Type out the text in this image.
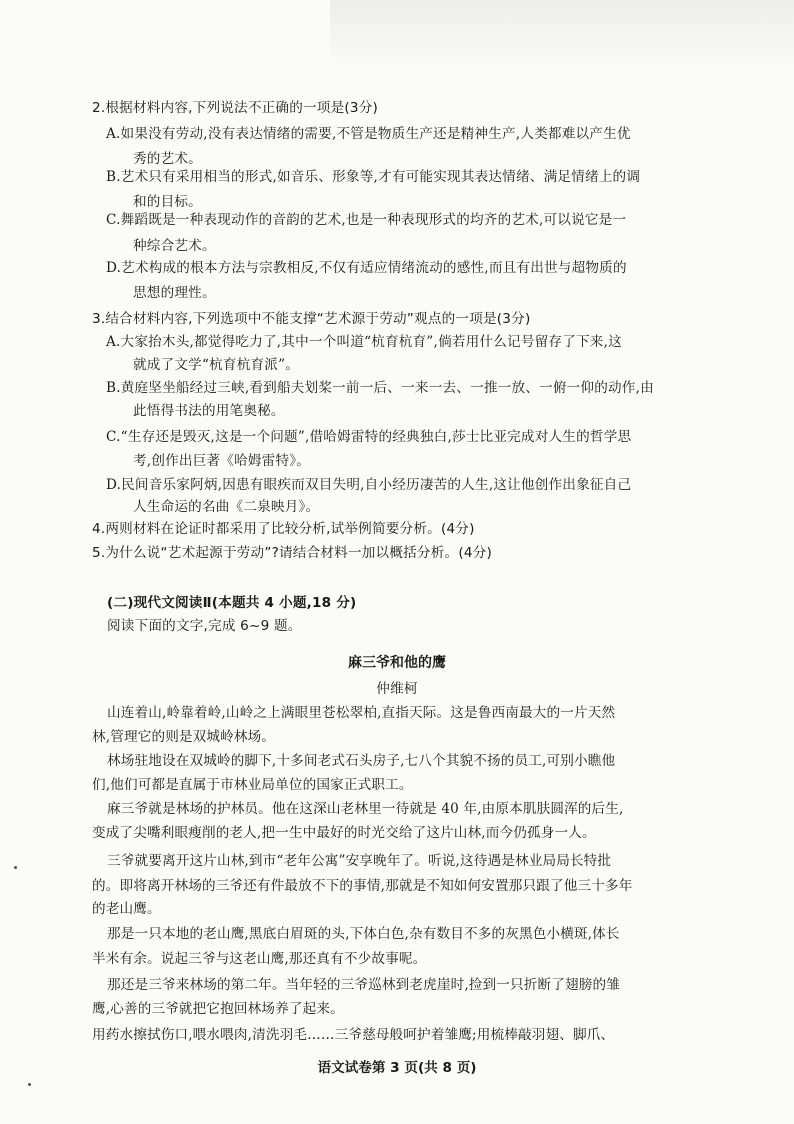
2.根据材料内容,下列说法不正确的一项是(3分)
A.如果没有劳动,没有表达情绪的需要,不管是物质生产还是精神生产,人类都难以产生优
秀的艺术。
B.艺术只有采用相当的形式,如音乐、形象等,才有可能实现其表达情绪、满足情绪上的调
和的目标。
C.舞蹈既是一种表现动作的音韵的艺术,也是一种表现形式的均齐的艺术,可以说它是一
种综合艺术。
D.艺术构成的根本方法与宗教相反,不仅有适应情绪流动的感性,而且有出世与超物质的
思想的理性。
3.结合材料内容,下列选项中不能支撑“艺术源于劳动”观点的一项是(3分)
A.大家抬木头,都觉得吃力了,其中一个叫道“杭育杭育”,倘若用什么记号留存了下来,这
就成了文学“杭育杭育派”。
B.黄庭坚坐船经过三峡,看到船夫划桨一前一后、一来一去、一推一放、一俯一仰的动作,由
此悟得书法的用笔奥秘。
C.“生存还是毁灭,这是一个问题”,借哈姆雷特的经典独白,莎士比亚完成对人生的哲学思
考,创作出巨著《哈姆雷特》。
D.民间音乐家阿炳,因患有眼疾而双目失明,自小经历凄苦的人生,这让他创作出象征自己
人生命运的名曲《二泉映月》。
4.两则材料在论证时都采用了比较分析,试举例简要分析。(4分)
5.为什么说“艺术起源于劳动”?请结合材料一加以概括分析。(4分)
(二)现代文阅读Ⅱ(本题共 4 小题,18 分)
阅读下面的文字,完成 6~9 题。
麻三爷和他的鹰
仲维柯
山连着山,岭靠着岭,山岭之上满眼里苍松翠柏,直指天际。这是鲁西南最大的一片天然
林,管理它的则是双城岭林场。
林场驻地设在双城岭的脚下,十多间老式石头房子,七八个其貌不扬的员工,可别小瞧他
们,他们可都是直属于市林业局单位的国家正式职工。
麻三爷就是林场的护林员。他在这深山老林里一待就是 40 年,由原本肌肤圆浑的后生,
变成了尖嘴利眼瘦削的老人,把一生中最好的时光交给了这片山林,而今仍孤身一人。
三爷就要离开这片山林,到市“老年公寓”安享晚年了。听说,这待遇是林业局局长特批
的。即将离开林场的三爷还有件最放不下的事情,那就是不知如何安置那只跟了他三十多年
的老山鹰。
那是一只本地的老山鹰,黑底白眉斑的头,下体白色,杂有数目不多的灰黑色小横斑,体长
半米有余。说起三爷与这老山鹰,那还真有不少故事呢。
那还是三爷来林场的第二年。当年轻的三爷巡林到老虎崖时,捡到一只折断了翅膀的雏
鹰,心善的三爷就把它抱回林场养了起来。
用药水擦拭伤口,喂水喂肉,清洗羽毛……三爷慈母般呵护着雏鹰;用梳棒敲羽翅、脚爪、
语文试卷第 3 页(共 8 页)
